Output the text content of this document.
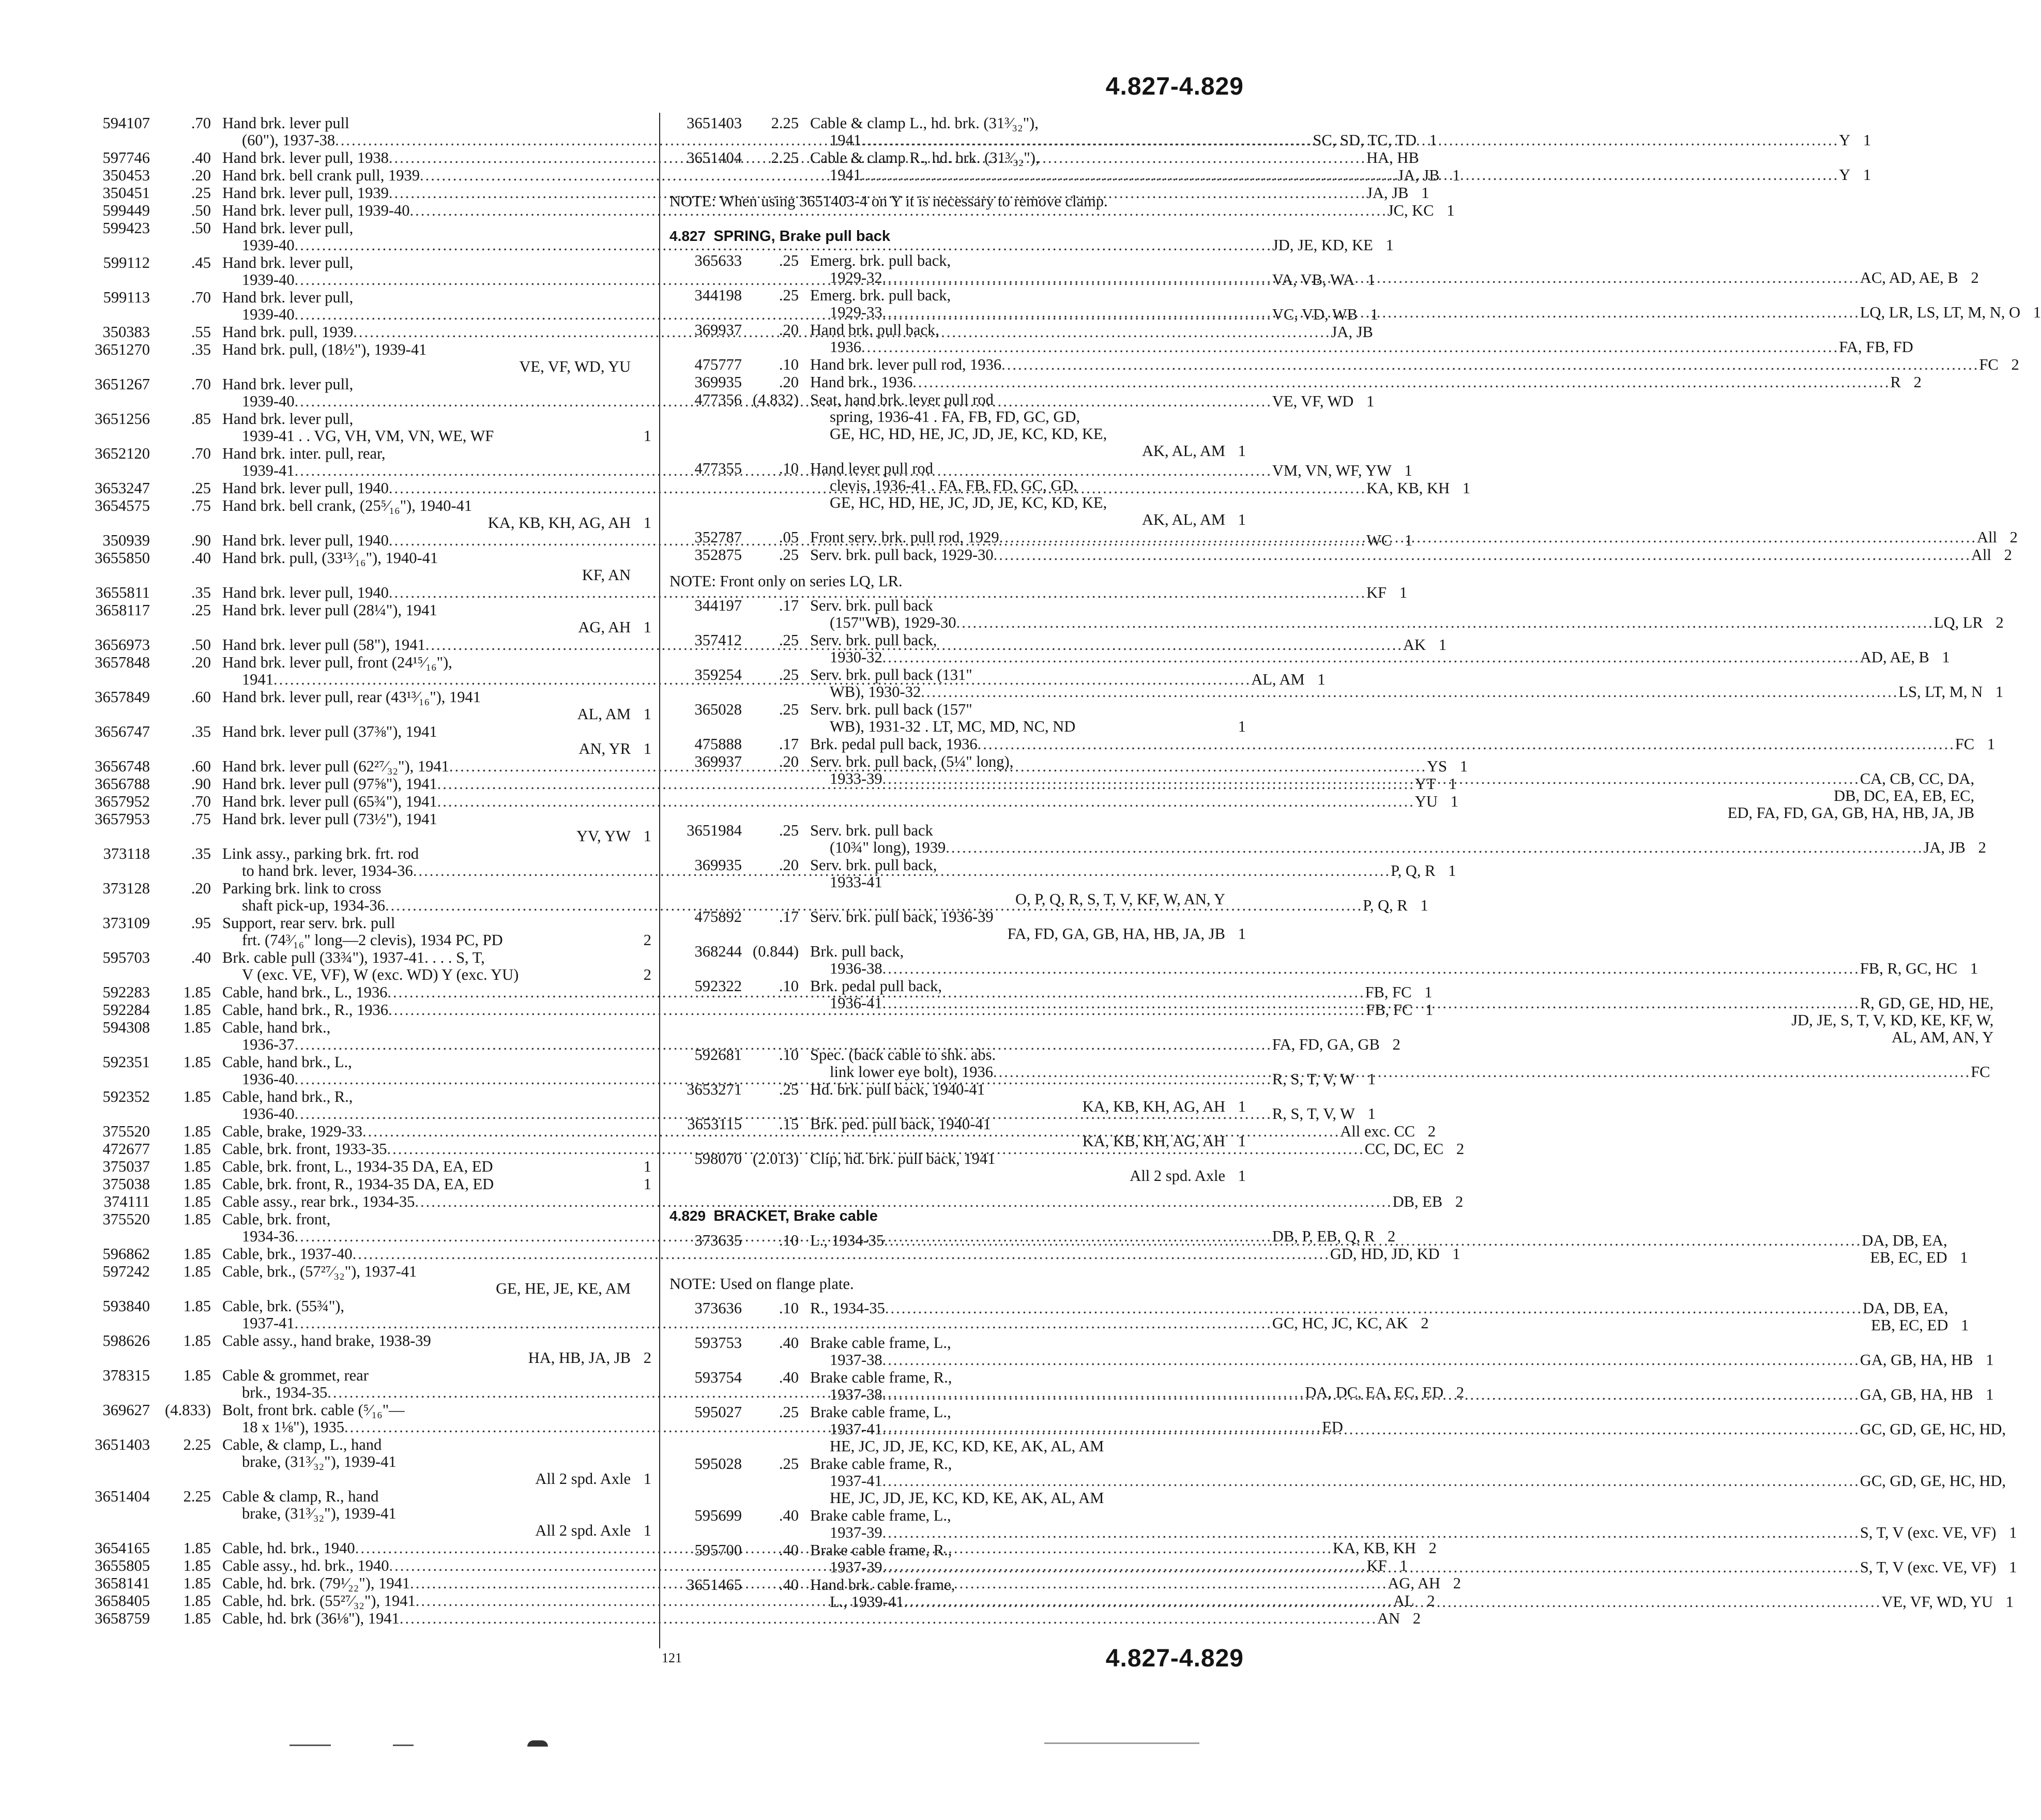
4.827-4.829
594107	.70 Hand brk. lever pull
(60"), 1937-38 .....	SC, SD, TC, TD 1
597746	.40 Hand brk. lever pull, 1938 .....	HA, HB
350453	.20 Hand brk. bell crank pull, 1939 .....	JA, JB 1
350451	.25 Hand brk. lever pull, 1939 .....	JA, JB 1
599449	.50 Hand brk. lever pull, 1939-40 .....	JC, KC 1
599423	.50 Hand brk. lever pull,
1939-40 .....	JD, JE, KD, KE 1
599112	.45 Hand brk. lever pull,
1939-40 .....	VA, VB, WA 1
599113	.70 Hand brk. lever pull,
1939-40 .....	VC, VD, WB 1
350383	.55 Hand brk. pull, 1939 .....	JA, JB
3651270	.35 Hand brk. pull, (18½"), 1939-41
VE, VF, WD, YU
3651267	.70 Hand brk. lever pull,
1939-40 .....	VE, VF, WD 1
3651256	.85 Hand brk. lever pull,
1939-41 . . VG, VH, VM, VN, WE, WF	1
3652120	.70 Hand brk. inter. pull, rear,
1939-41 .....	VM, VN, WF, YW 1
3653247	.25 Hand brk. lever pull, 1940 .....	KA, KB, KH 1
3654575	.75 Hand brk. bell crank, (25⁵⁄₁₆"), 1940-41
KA, KB, KH, AG, AH 1
350939	.90 Hand brk. lever pull, 1940 .....	WC 1
3655850	.40 Hand brk. pull, (33¹³⁄₁₆"), 1940-41
KF, AN
3655811	.35 Hand brk. lever pull, 1940 .....	KF 1
3658117	.25 Hand brk. lever pull (28¼"), 1941
AG, AH 1
3656973	.50 Hand brk. lever pull (58"), 1941 .....	AK 1
3657848	.20 Hand brk. lever pull, front (24¹⁵⁄₁₆"),
1941 .....	AL, AM 1
3657849	.60 Hand brk. lever pull, rear (43¹³⁄₁₆"), 1941
AL, AM 1
3656747	.35 Hand brk. lever pull (37⅜"), 1941
AN, YR 1
3656748	.60 Hand brk. lever pull (62²⁷⁄₃₂"), 1941 .....	YS 1
3656788	.90 Hand brk. lever pull (97⅝"), 1941 .....	YT 1
3657952	.70 Hand brk. lever pull (65¾"), 1941 .....	YU 1
3657953	.75 Hand brk. lever pull (73½"), 1941
YV, YW 1
373118	.35 Link assy., parking brk. frt. rod
to hand brk. lever, 1934-36 .....	P, Q, R 1
373128	.20 Parking brk. link to cross
shaft pick-up, 1934-36 .....	P, Q, R 1
373109	.95 Support, rear serv. brk. pull
frt. (74³⁄₁₆" long—2 clevis), 1934 PC, PD	2
595703	.40 Brk. cable pull (33¾"), 1937-41. . . . S, T,
V (exc. VE, VF), W (exc. WD) Y (exc. YU)	2
592283	1.85 Cable, hand brk., L., 1936 .....	FB, FC 1
592284	1.85 Cable, hand brk., R., 1936 .....	FB, FC 1
594308	1.85 Cable, hand brk.,
1936-37 .....	FA, FD, GA, GB 2
592351	1.85 Cable, hand brk., L.,
1936-40 .....	R, S, T, V, W 1
592352	1.85 Cable, hand brk., R.,
1936-40 .....	R, S, T, V, W 1
375520	1.85 Cable, brake, 1929-33 .....	All exc. CC 2
472677	1.85 Cable, brk. front, 1933-35 .....	CC, DC, EC 2
375037	1.85 Cable, brk. front, L., 1934-35 DA, EA, ED	1
375038	1.85 Cable, brk. front, R., 1934-35 DA, EA, ED	1
374111	1.85 Cable assy., rear brk., 1934-35 .....	DB, EB 2
375520	1.85 Cable, brk. front,
1934-36 .....	DB, P, EB, Q, R 2
596862	1.85 Cable, brk., 1937-40 .....	GD, HD, JD, KD 1
597242	1.85 Cable, brk., (57²⁷⁄₃₂"), 1937-41
GE, HE, JE, KE, AM
593840	1.85 Cable, brk. (55¾"),
1937-41 .....	GC, HC, JC, KC, AK 2
598626	1.85 Cable assy., hand brake, 1938-39
HA, HB, JA, JB 2
378315	1.85 Cable & grommet, rear
brk., 1934-35 .....	DA, DC, EA, EC, ED 2
369627 (4.833) Bolt, front brk. cable (⁵⁄₁₆"—
18 x 1⅛"), 1935 .....	ED
3651403	2.25 Cable, & clamp, L., hand
brake, (31³⁄₃₂"), 1939-41
All 2 spd. Axle 1
3651404	2.25 Cable & clamp, R., hand
brake, (31³⁄₃₂"), 1939-41
All 2 spd. Axle 1
3654165	1.85 Cable, hd. brk., 1940 .....	KA, KB, KH 2
3655805	1.85 Cable assy., hd. brk., 1940 .....	KF 1
3658141	1.85 Cable, hd. brk. (79¹⁄₂₂"), 1941 .....	AG, AH 2
3658405	1.85 Cable, hd. brk. (55²⁷⁄₃₂"), 1941 .....	AL 2
3658759	1.85 Cable, hd. brk (36⅛"), 1941 .....	AN 2
3651403	2.25 Cable & clamp L., hd. brk. (31³⁄₃₂"),
1941 .....	Y 1
3651404	2.25 Cable & clamp R., hd. brk. (31³⁄₃₂"),
1941 .....	Y 1
NOTE: When using 3651403-4 on Y it is necessary to remove clamp.
4.827 SPRING, Brake pull back
365633	.25 Emerg. brk. pull back,
1929-32 .....	AC, AD, AE, B 2
344198	.25 Emerg. brk. pull back,
1929-33 .....	LQ, LR, LS, LT, M, N, O 1
369937	.20 Hand brk. pull back,
1936 .....	FA, FB, FD
475777	.10 Hand brk. lever pull rod, 1936 .....	FC 2
369935	.20 Hand brk., 1936 .....	R 2
477356 (4.832) Seat, hand brk. lever pull rod
spring, 1936-41 . FA, FB, FD, GC, GD,
GE, HC, HD, HE, JC, JD, JE, KC, KD, KE,
AK, AL, AM 1
477355	.10 Hand lever pull rod
clevis, 1936-41 . FA, FB, FD, GC, GD,
GE, HC, HD, HE, JC, JD, JE, KC, KD, KE,
AK, AL, AM 1
352787	.05 Front serv. brk. pull rod, 1929 .....	All 2
352875	.25 Serv. brk. pull back, 1929-30 .....	All 2
NOTE: Front only on series LQ, LR.
344197	.17 Serv. brk. pull back
(157"WB), 1929-30 .....	LQ, LR 2
357412	.25 Serv. brk. pull back,
1930-32 .....	AD, AE, B 1
359254	.25 Serv. brk. pull back (131"
WB), 1930-32 .....	LS, LT, M, N 1
365028	.25 Serv. brk. pull back (157"
WB), 1931-32 . LT, MC, MD, NC, ND	1
475888	.17 Brk. pedal pull back, 1936 .....	FC 1
369937	.20 Serv. brk. pull back, (5¼" long),
1933-39 .....	CA, CB, CC, DA,
DB, DC, EA, EB, EC,
ED, FA, FD, GA, GB, HA, HB, JA, JB
3651984	.25 Serv. brk. pull back
(10¾" long), 1939 .....	JA, JB 2
369935	.20 Serv. brk. pull back,
1933-41
O, P, Q, R, S, T, V, KF, W, AN, Y
475892	.17 Serv. brk. pull back, 1936-39
FA, FD, GA, GB, HA, HB, JA, JB 1
368244 (0.844) Brk. pull back,
1936-38 .....	FB, R, GC, HC 1
592322	.10 Brk. pedal pull back,
1936-41 .....	R, GD, GE, HD, HE,
JD, JE, S, T, V, KD, KE, KF, W,
AL, AM, AN, Y
592681	.10 Spec. (back cable to shk. abs.
link lower eye bolt), 1936 .....	FC
3653271	.25 Hd. brk. pull back, 1940-41
KA, KB, KH, AG, AH 1
3653115	.15 Brk. ped. pull back, 1940-41
KA, KB, KH, AG, AH 1
598070 (2.013) Clip, hd. brk. pull back, 1941
All 2 spd. Axle 1
4.829 BRACKET, Brake cable
373635	.10 L., 1934-35 .....	DA, DB, EA,
EB, EC, ED 1
NOTE: Used on flange plate.
373636	.10 R., 1934-35 .....	DA, DB, EA,
EB, EC, ED 1
593753	.40 Brake cable frame, L.,
1937-38 .....	GA, GB, HA, HB 1
593754	.40 Brake cable frame, R.,
1937-38 .....	GA, GB, HA, HB 1
595027	.25 Brake cable frame, L.,
1937-41 .....	GC, GD, GE, HC, HD,
HE, JC, JD, JE, KC, KD, KE, AK, AL, AM
595028	.25 Brake cable frame, R.,
1937-41 .....	GC, GD, GE, HC, HD,
HE, JC, JD, JE, KC, KD, KE, AK, AL, AM
595699	.40 Brake cable frame, L.,
1937-39 .....	S, T, V (exc. VE, VF) 1
595700	.40 Brake cable frame, R.,
1937-39 .....	S, T, V (exc. VE, VF) 1
3651465	.40 Hand brk. cable frame,
L., 1939-41 .....	VE, VF, WD, YU 1
121	4.827-4.829
